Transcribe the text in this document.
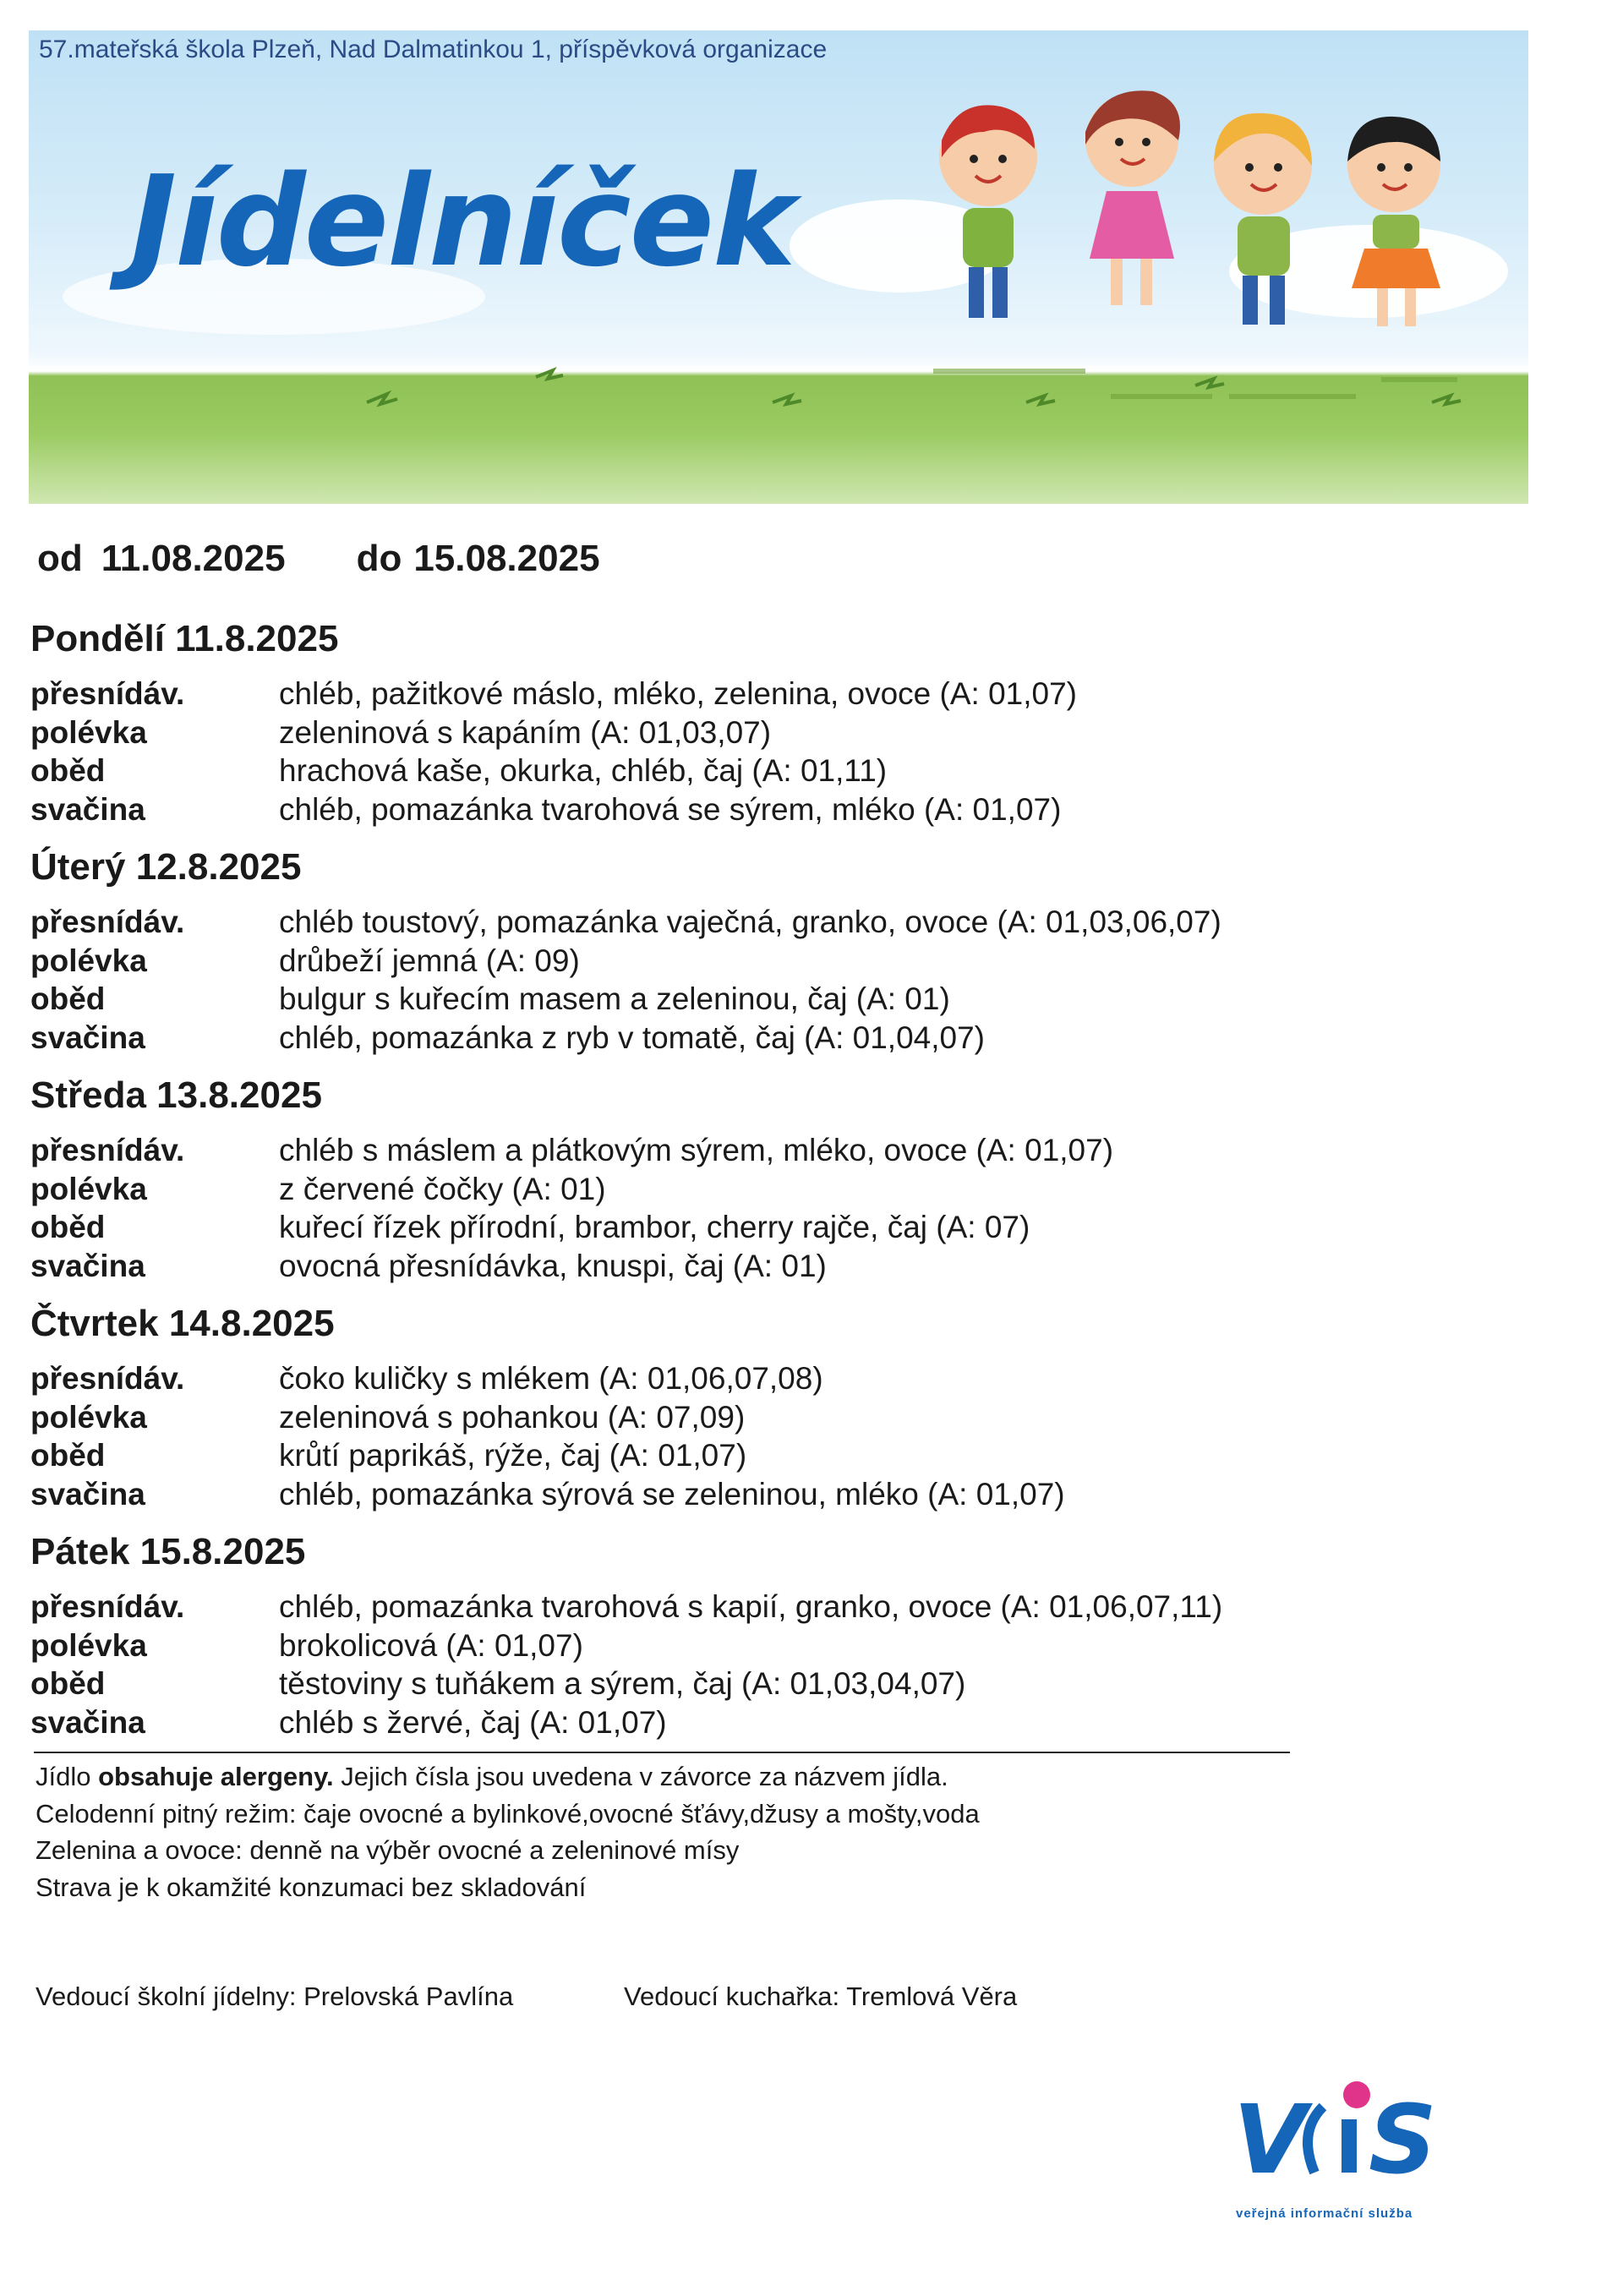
57.mateřská škola Plzeň, Nad Dalmatinkou 1, příspěvková organizace
Jídelníček
od 11.08.2025 do 15.08.2025
Pondělí 11.8.2025
přesnídáv.	chléb, pažitkové máslo, mléko, zelenina, ovoce (A: 01,07)
polévka	zeleninová s kapáním (A: 01,03,07)
oběd	hrachová kaše, okurka, chléb, čaj (A: 01,11)
svačina	chléb, pomazánka tvarohová se sýrem, mléko (A: 01,07)
Úterý 12.8.2025
přesnídáv.	chléb toustový, pomazánka vaječná, granko, ovoce (A: 01,03,06,07)
polévka	drůbeží jemná (A: 09)
oběd	bulgur s kuřecím masem a zeleninou, čaj (A: 01)
svačina	chléb, pomazánka z ryb v tomatě, čaj (A: 01,04,07)
Středa 13.8.2025
přesnídáv.	chléb s máslem a plátkovým sýrem, mléko, ovoce (A: 01,07)
polévka	z červené čočky (A: 01)
oběd	kuřecí řízek přírodní, brambor, cherry rajče, čaj (A: 07)
svačina	ovocná přesnídávka, knuspi, čaj (A: 01)
Čtvrtek 14.8.2025
přesnídáv.	čoko kuličky s mlékem (A: 01,06,07,08)
polévka	zeleninová s pohankou (A: 07,09)
oběd	krůtí paprikáš, rýže, čaj (A: 01,07)
svačina	chléb, pomazánka sýrová se zeleninou, mléko (A: 01,07)
Pátek 15.8.2025
přesnídáv.	chléb, pomazánka tvarohová s kapií, granko, ovoce (A: 01,06,07,11)
polévka	brokolicová (A: 01,07)
oběd	těstoviny s tuňákem a sýrem, čaj (A: 01,03,04,07)
svačina	chléb s žervé, čaj (A: 01,07)

Jídlo obsahuje alergeny. Jejich čísla jsou uvedena v závorce za názvem jídla.

Celodenní pitný režim: čaje ovocné a bylinkové,ovocné šťávy,džusy a mošty,voda

Zelenina a ovoce: denně na výběr ovocné a zeleninové mísy

Strava je k okamžité konzumaci bez skladování

Vedoucí školní jídelny: Prelovská Pavlína	Vedoucí kuchařka: Tremlová Věra
V S
veřejná informační služba
